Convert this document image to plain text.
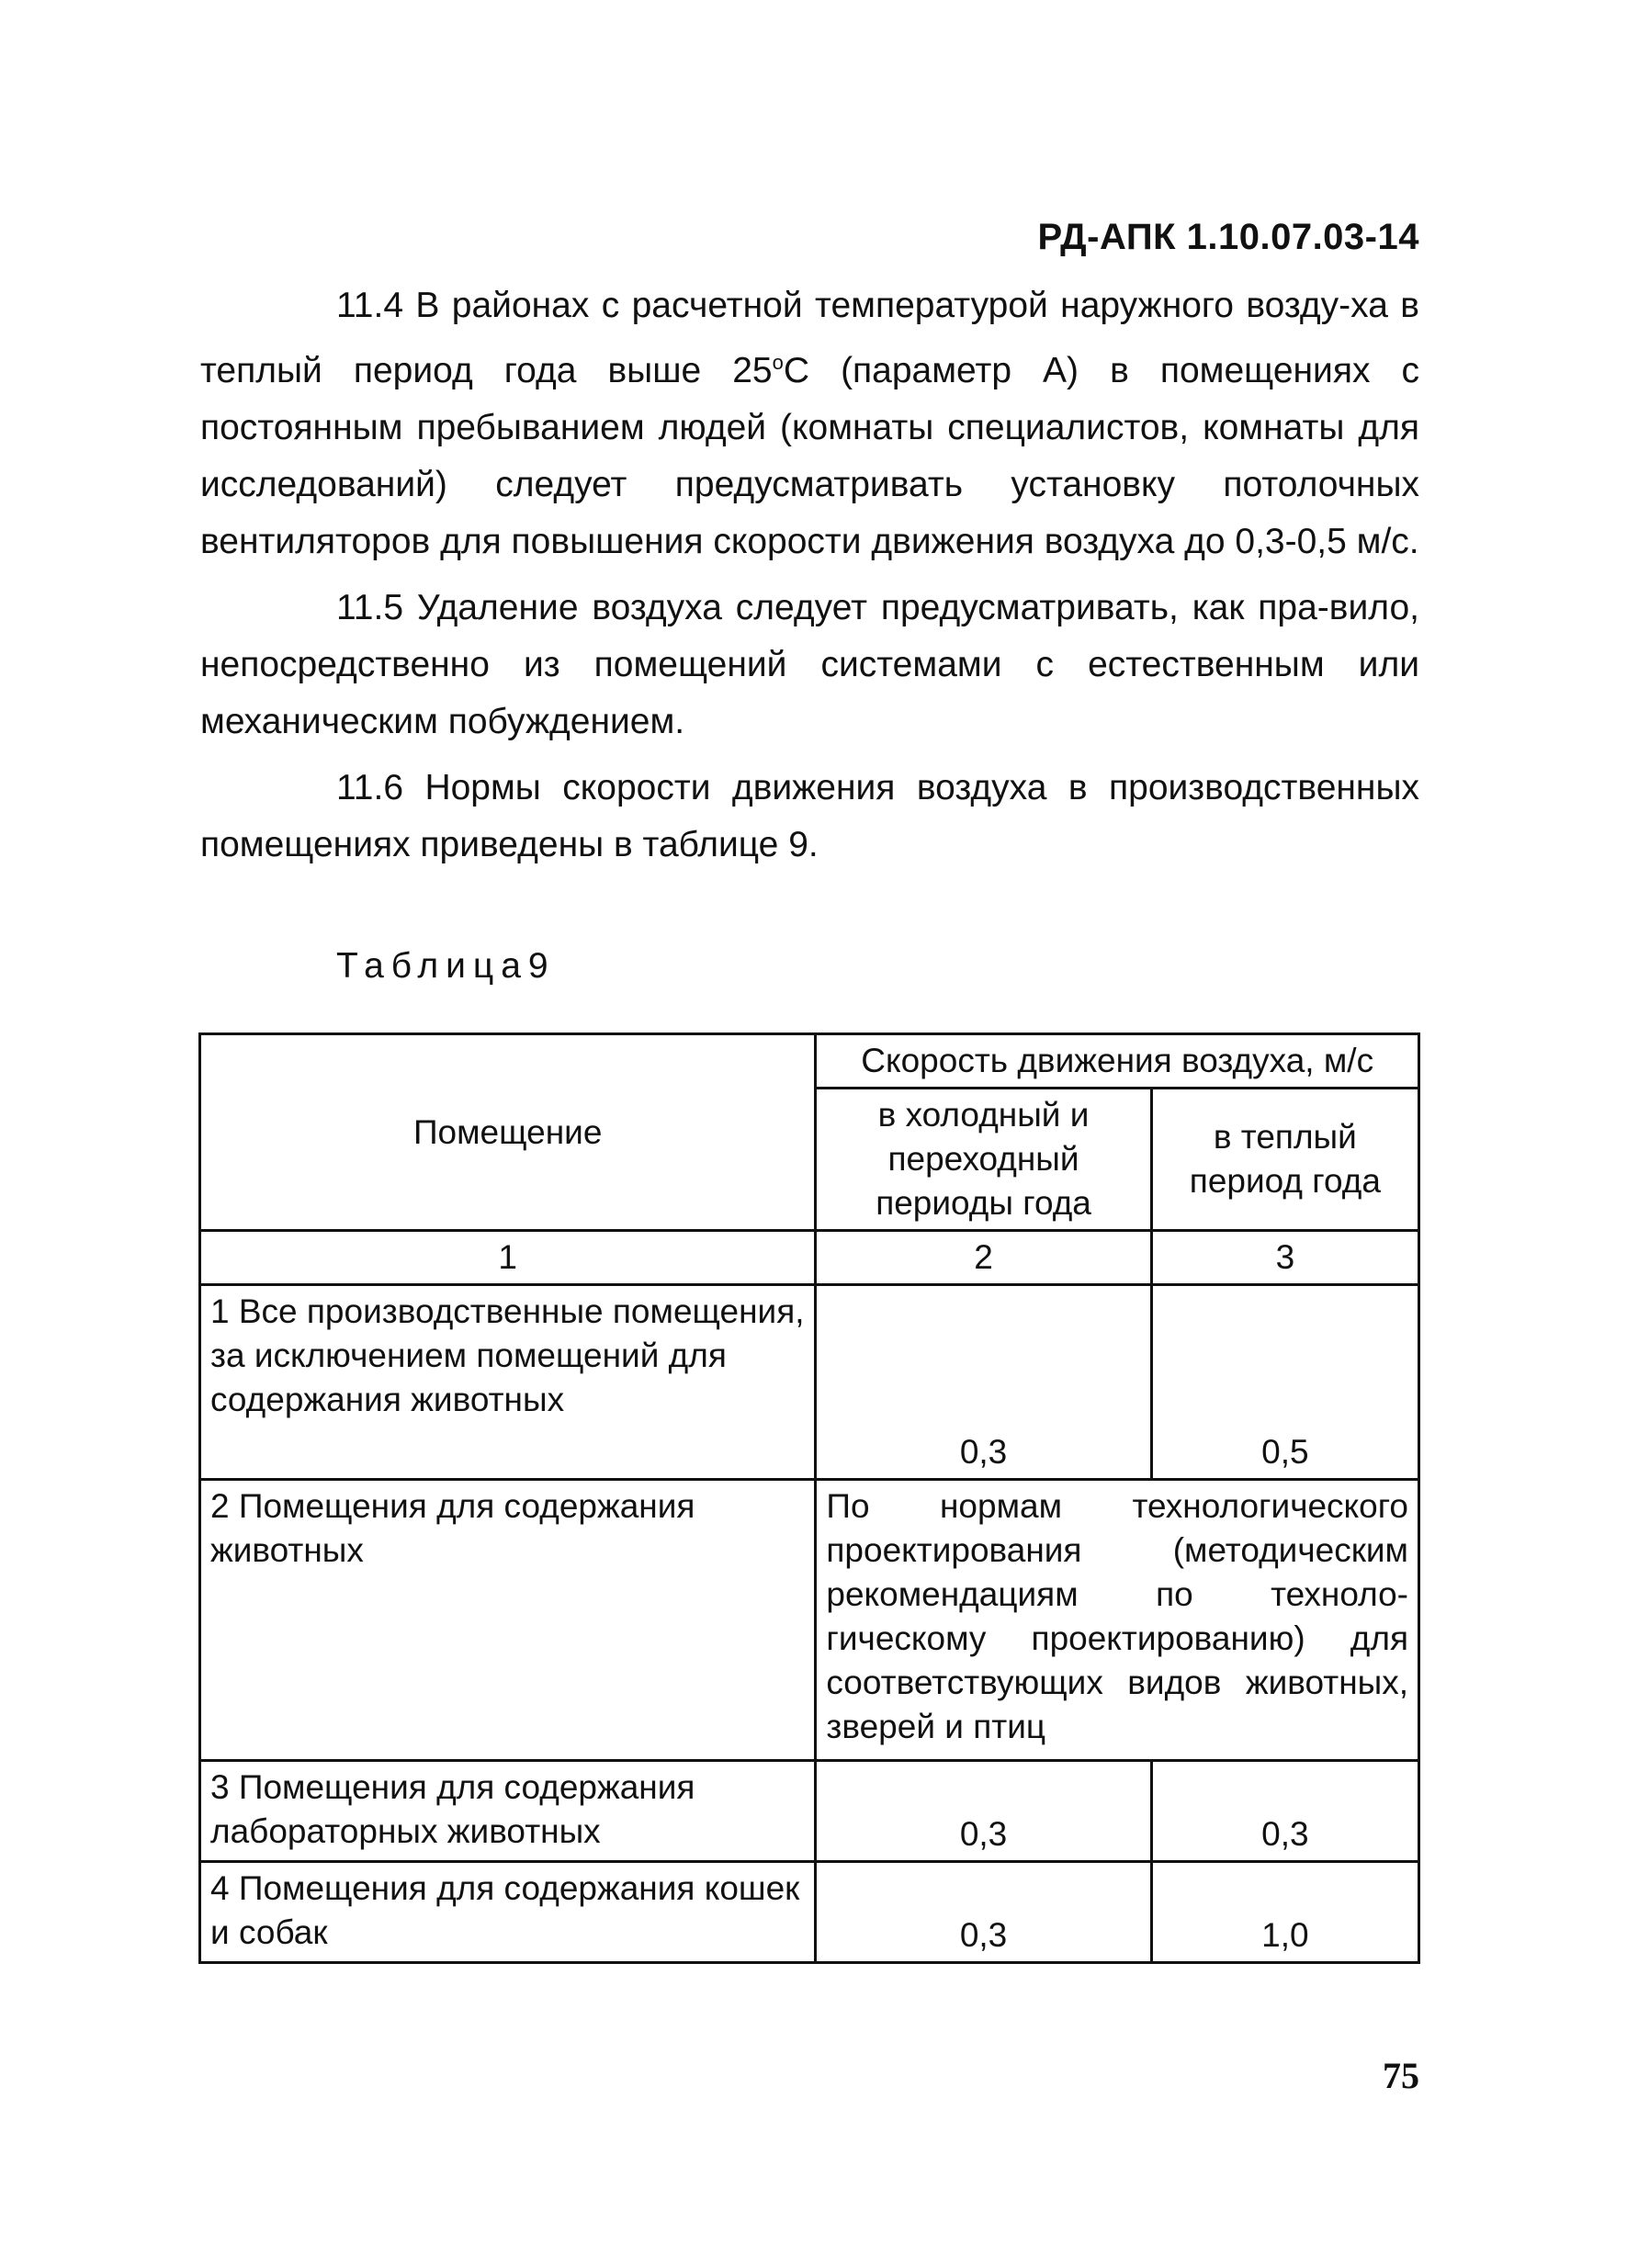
РД-АПК 1.10.07.03-14

11.4 В районах с расчетной температурой наружного возду-ха в теплый период года выше $25^оС$ (параметр А) в помещениях с постоянным пребыванием людей (комнаты специалистов, комнаты для исследований) следует предусматривать установку потолочных вентиляторов для повышения скорости движения воздуха до 0,3-0,5 м/с.

11.5 Удаление воздуха следует предусматривать, как пра-вило, непосредственно из помещений системами с естественным или механическим побуждением.

11.6 Нормы скорости движения воздуха в производственных помещениях приведены в таблице 9.

Таблица9
Помещение	Скорость движения воздуха, м/с	
	в холодный и переходный периоды года	в теплый период года
1	2	3
1 Все производственные помещения, за исключением помещений для содержания животных	0,3	0,5
2 Помещения для содержания животных	По нормам технологического проектирования (методическим рекомендациям по техноло-гическому проектированию) для соответствующих видов животных, зверей и птиц	
3 Помещения для содержания лабораторных животных	0,3	0,3
4 Помещения для содержания кошек и собак	0,3	1,0
75
